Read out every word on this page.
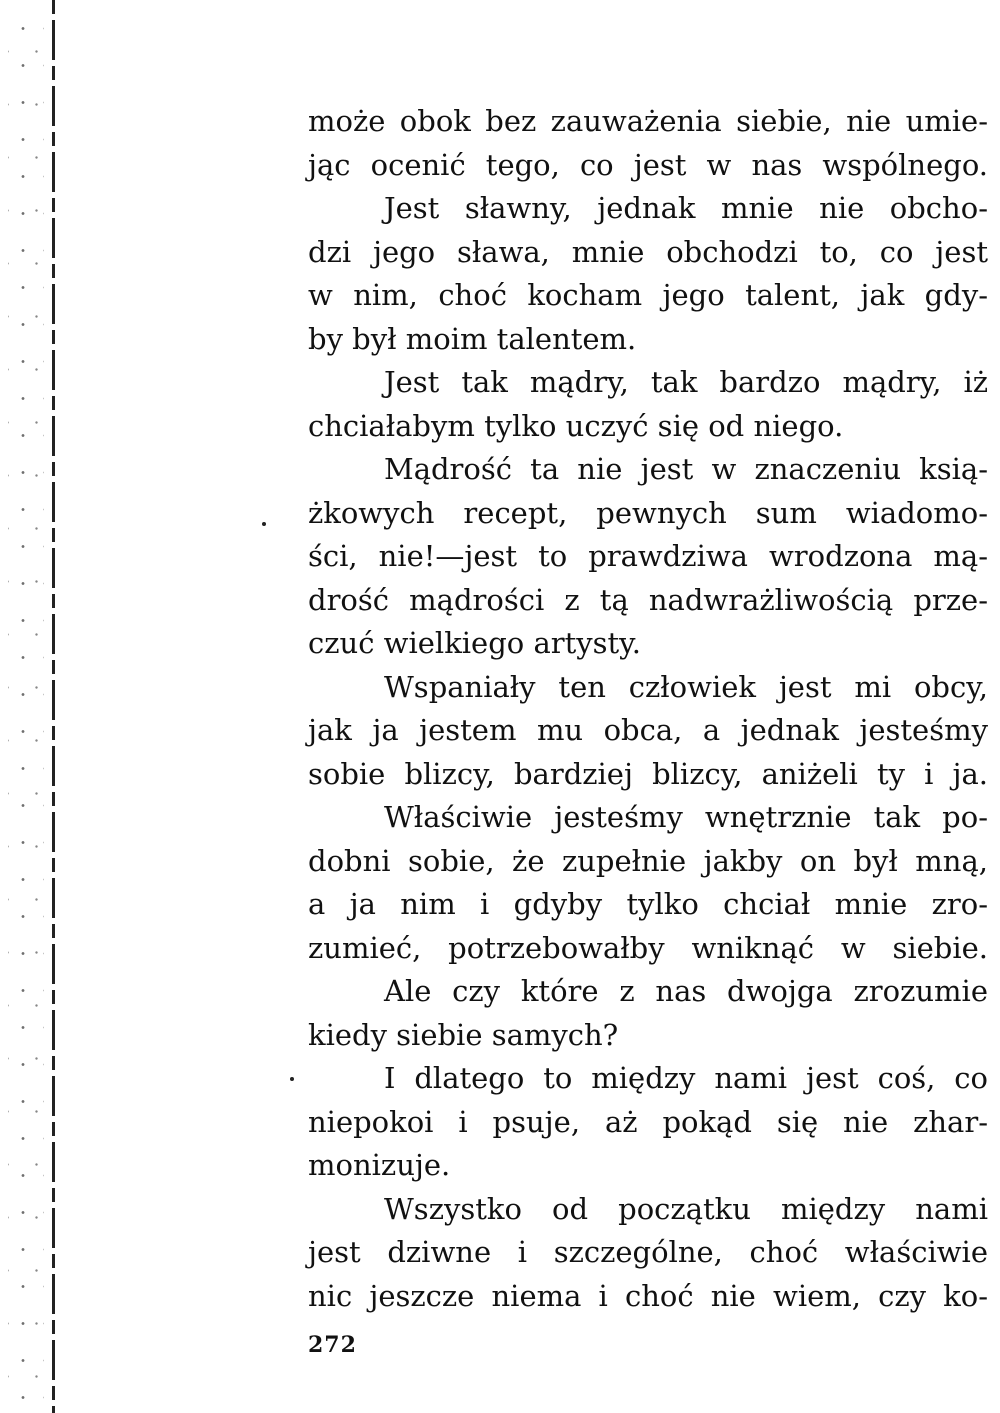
może obok bez zauważenia siebie, nie umie‑
jąc ocenić tego, co jest w nas wspólnego.
Jest sławny, jednak mnie nie obcho‑
dzi jego sława, mnie obchodzi to, co jest
w nim, choć kocham jego talent, jak gdy‑
by był moim talentem.
Jest tak mądry, tak bardzo mądry, iż
chciałabym tylko uczyć się od niego.
Mądrość ta nie jest w znaczeniu ksią‑
żkowych recept, pewnych sum wiadomo‑
ści, nie!—jest to prawdziwa wrodzona mą‑
drość mądrości z tą nadwrażliwością prze‑
czuć wielkiego artysty.
Wspaniały ten człowiek jest mi obcy,
jak ja jestem mu obca, a jednak jesteśmy
sobie blizcy, bardziej blizcy, aniżeli ty i ja.
Właściwie jesteśmy wnętrznie tak po‑
dobni sobie, że zupełnie jakby on był mną,
a ja nim i gdyby tylko chciał mnie zro‑
zumieć, potrzebowałby wniknąć w siebie.
Ale czy które z nas dwojga zrozumie
kiedy siebie samych?
I dlatego to między nami jest coś, co
niepokoi i psuje, aż pokąd się nie zhar‑
monizuje.
Wszystko od początku między nami
jest dziwne i szczególne, choć właściwie
nic jeszcze niema i choć nie wiem, czy ko‑
272
